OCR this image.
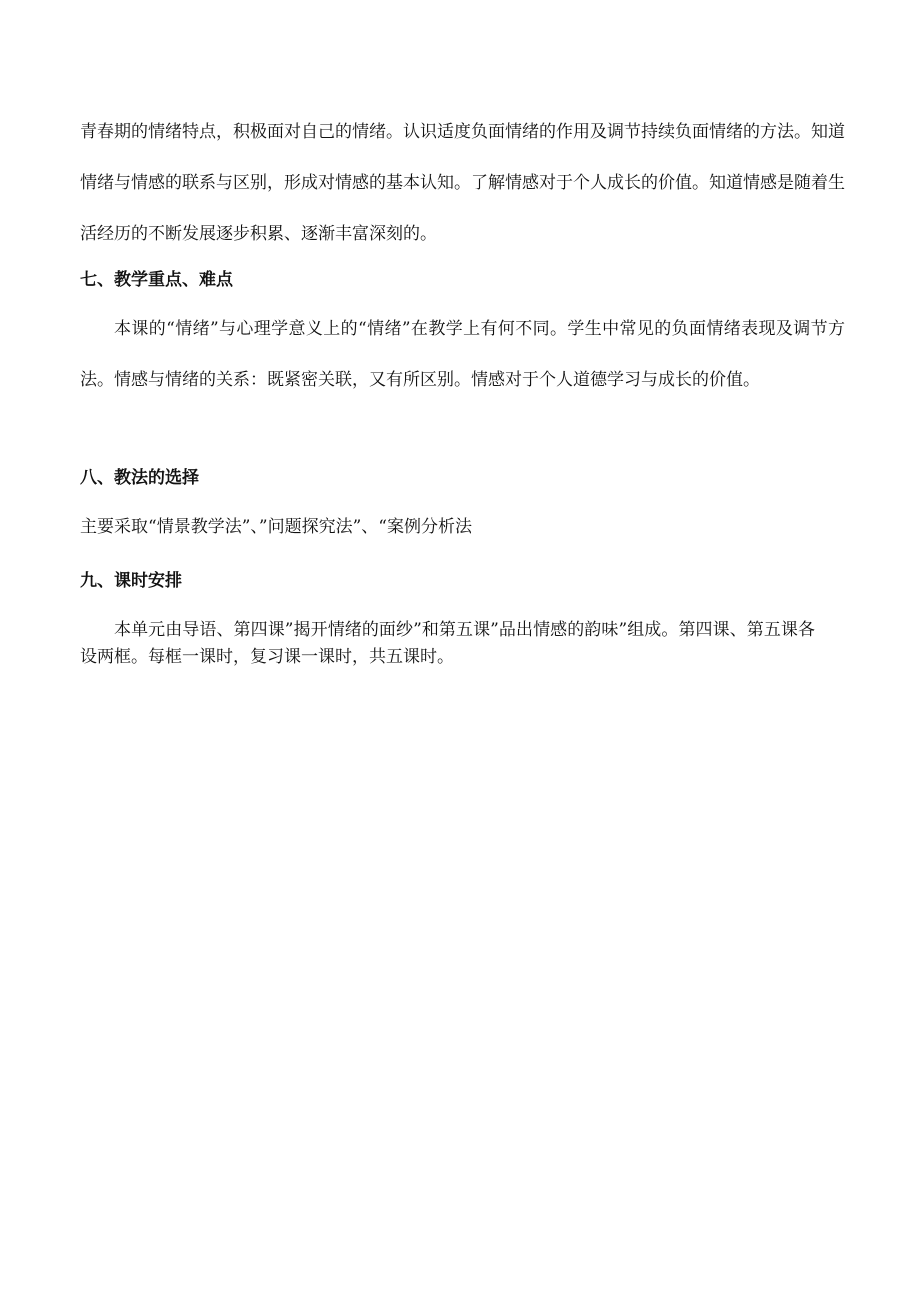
青春期的情绪特点，积极面对自己的情绪。认识适度负面情绪的作用及调节持续负面情绪的方法。知道情绪与情感的联系与区别，形成对情感的基本认知。了解情感对于个人成长的价值。知道情感是随着生活经历的不断发展逐步积累、逐渐丰富深刻的。

七、教学重点、难点

本课的“情绪”与心理学意义上的“情绪”在教学上有何不同。学生中常见的负面情绪表现及调节方法。情感与情绪的关系：既紧密关联，又有所区别。情感对于个人道德学习与成长的价值。

八、教法的选择

主要采取“情景教学法”、”问题探究法”、“案例分析法

九、课时安排

本单元由导语、第四课”揭开情绪的面纱”和第五课”品出情感的韵味”组成。第四课、第五课各设两框。每框一课时，复习课一课时，共五课时。
